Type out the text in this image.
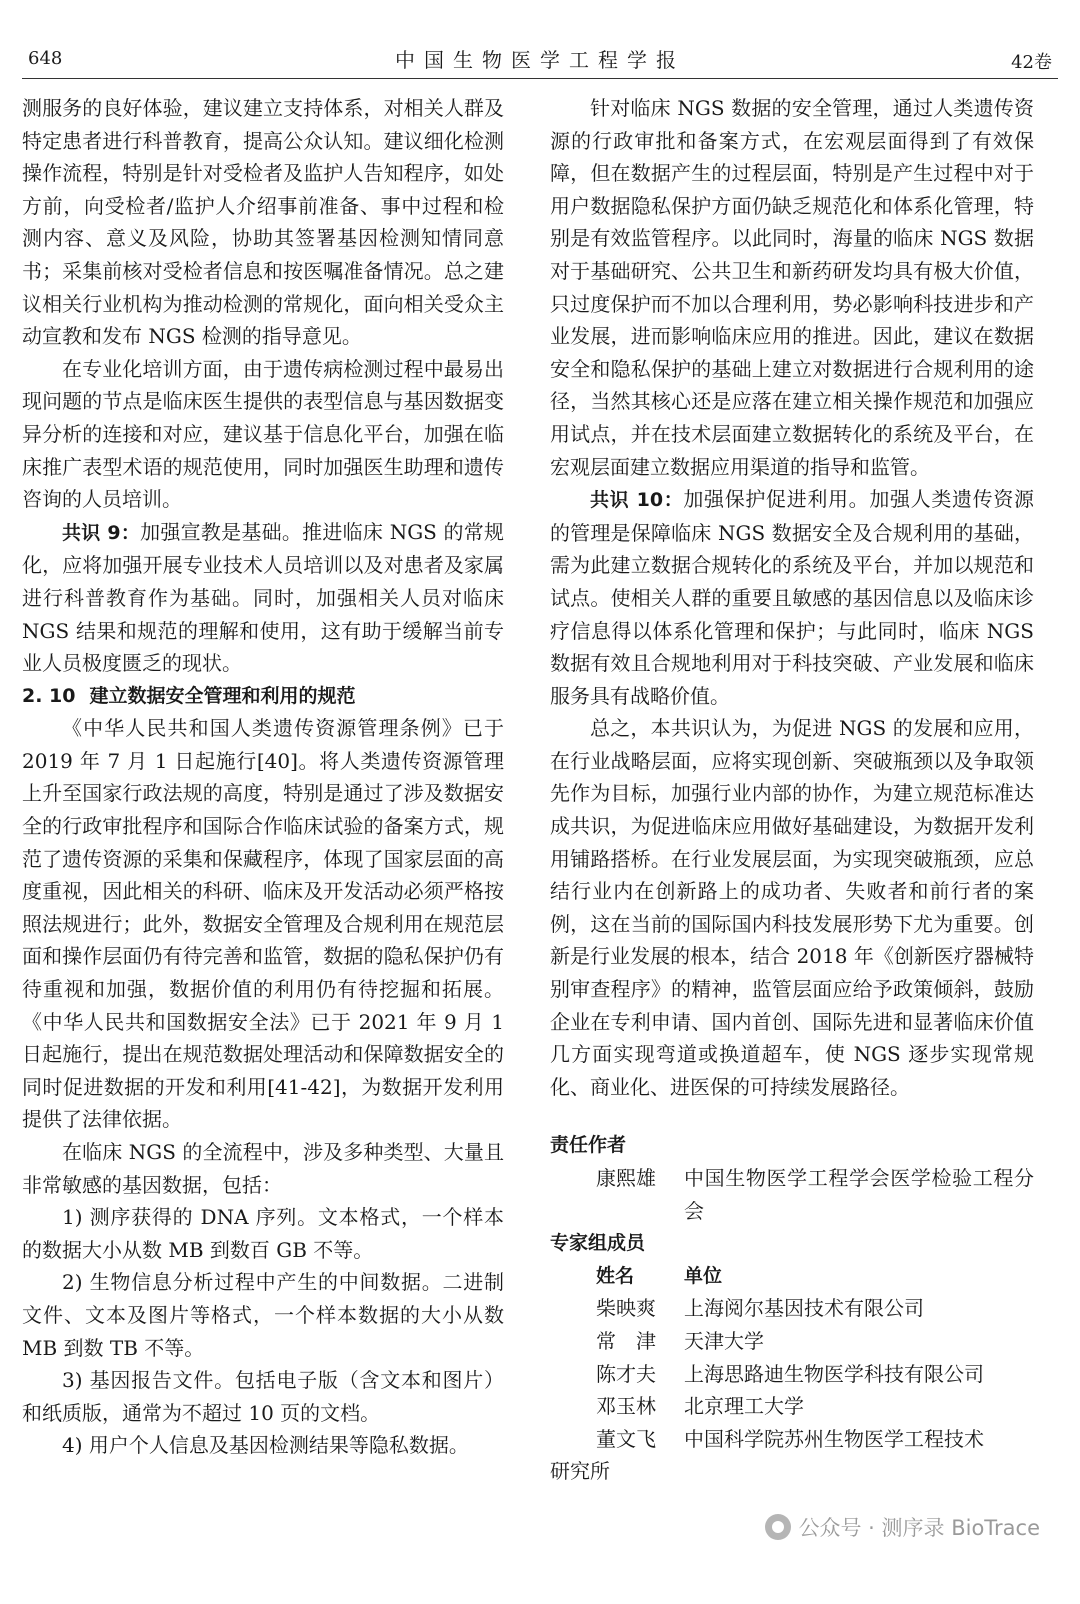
648	中国生物医学工程学报	42卷

测服务的良好体验，建议建立支持体系，对相关人群及特定患者进行科普教育，提高公众认知。建议细化检测操作流程，特别是针对受检者及监护人告知程序，如处方前，向受检者/监护人介绍事前准备、事中过程和检测内容、意义及风险，协助其签署基因检测知情同意书；采集前核对受检者信息和按医嘱准备情况。总之建议相关行业机构为推动检测的常规化，面向相关受众主动宣教和发布 NGS 检测的指导意见。

在专业化培训方面，由于遗传病检测过程中最易出现问题的节点是临床医生提供的表型信息与基因数据变异分析的连接和对应，建议基于信息化平台，加强在临床推广表型术语的规范使用，同时加强医生助理和遗传咨询的人员培训。

共识 9：加强宣教是基础。推进临床 NGS 的常规化，应将加强开展专业技术人员培训以及对患者及家属进行科普教育作为基础。同时，加强相关人员对临床 NGS 结果和规范的理解和使用，这有助于缓解当前专业人员极度匮乏的现状。

2. 10 建立数据安全管理和利用的规范

《中华人民共和国人类遗传资源管理条例》已于 2019 年 7 月 1 日起施行[40]。将人类遗传资源管理上升至国家行政法规的高度，特别是通过了涉及数据安全的行政审批程序和国际合作临床试验的备案方式，规范了遗传资源的采集和保藏程序，体现了国家层面的高度重视，因此相关的科研、临床及开发活动必须严格按照法规进行；此外，数据安全管理及合规利用在规范层面和操作层面仍有待完善和监管，数据的隐私保护仍有待重视和加强，数据价值的利用仍有待挖掘和拓展。《中华人民共和国数据安全法》已于 2021 年 9 月 1 日起施行，提出在规范数据处理活动和保障数据安全的同时促进数据的开发和利用[41-42]，为数据开发利用提供了法律依据。

在临床 NGS 的全流程中，涉及多种类型、大量且非常敏感的基因数据，包括：

1) 测序获得的 DNA 序列。文本格式，一个样本的数据大小从数 MB 到数百 GB 不等。

2) 生物信息分析过程中产生的中间数据。二进制文件、文本及图片等格式，一个样本数据的大小从数 MB 到数 TB 不等。

3) 基因报告文件。包括电子版（含文本和图片）和纸质版，通常为不超过 10 页的文档。

4) 用户个人信息及基因检测结果等隐私数据。

针对临床 NGS 数据的安全管理，通过人类遗传资源的行政审批和备案方式，在宏观层面得到了有效保障，但在数据产生的过程层面，特别是产生过程中对于用户数据隐私保护方面仍缺乏规范化和体系化管理，特别是有效监管程序。以此同时，海量的临床 NGS 数据对于基础研究、公共卫生和新药研发均具有极大价值，只过度保护而不加以合理利用，势必影响科技进步和产业发展，进而影响临床应用的推进。因此，建议在数据安全和隐私保护的基础上建立对数据进行合规利用的途径，当然其核心还是应落在建立相关操作规范和加强应用试点，并在技术层面建立数据转化的系统及平台，在宏观层面建立数据应用渠道的指导和监管。

共识 10：加强保护促进利用。加强人类遗传资源的管理是保障临床 NGS 数据安全及合规利用的基础，需为此建立数据合规转化的系统及平台，并加以规范和试点。使相关人群的重要且敏感的基因信息以及临床诊疗信息得以体系化管理和保护；与此同时，临床 NGS 数据有效且合规地利用对于科技突破、产业发展和临床服务具有战略价值。

总之，本共识认为，为促进 NGS 的发展和应用，在行业战略层面，应将实现创新、突破瓶颈以及争取领先作为目标，加强行业内部的协作，为建立规范标准达成共识，为促进临床应用做好基础建设，为数据开发利用铺路搭桥。在行业发展层面，为实现突破瓶颈，应总结行业内在创新路上的成功者、失败者和前行者的案例，这在当前的国际国内科技发展形势下尤为重要。创新是行业发展的根本，结合 2018 年《创新医疗器械特别审查程序》的精神，监管层面应给予政策倾斜，鼓励企业在专利申请、国内首创、国际先进和显著临床价值几方面实现弯道或换道超车，使 NGS 逐步实现常规化、商业化、进医保的可持续发展路径。

责任作者

康熙雄	中国生物医学工程学会医学检验工程分会

专家组成员

姓名	单位

柴映爽	上海阅尔基因技术有限公司

常　津	天津大学

陈才夫	上海思路迪生物医学科技有限公司

邓玉林	北京理工大学

董文飞	中国科学院苏州生物医学工程技术

研究所

公众号 · 测序录 BioTrace
